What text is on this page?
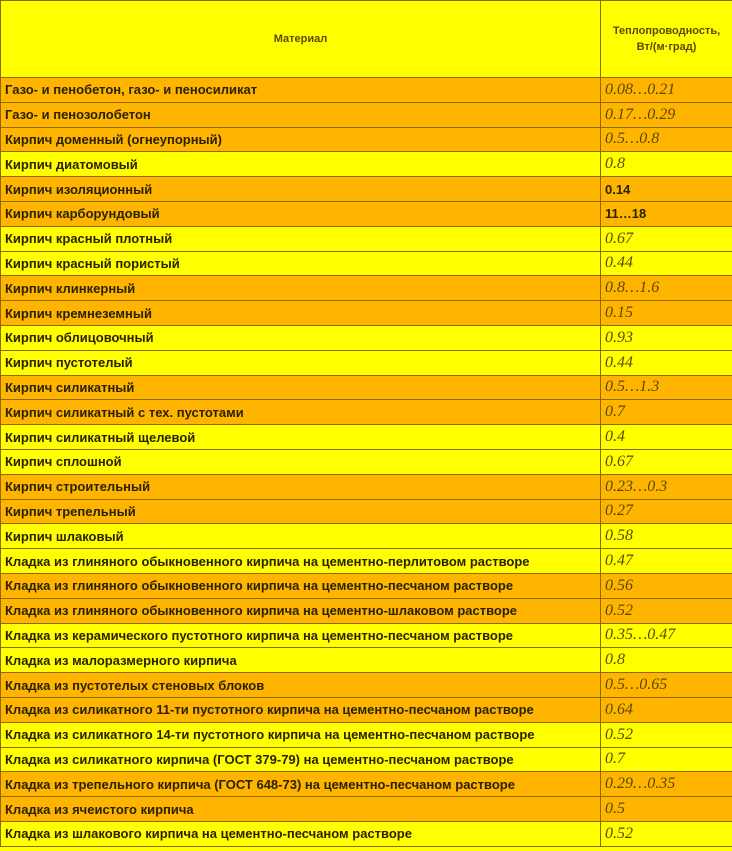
Материал	Теплопроводность, Вт/(м·град)
Газо- и пенобетон, газо- и пеносиликат	0.08…0.21
Газо- и пенозолобетон	0.17…0.29
Кирпич доменный (огнеупорный)	0.5…0.8
Кирпич диатомовый	0.8
Кирпич изоляционный	0.14
Кирпич карборундовый	11…18
Кирпич красный плотный	0.67
Кирпич красный пористый	0.44
Кирпич клинкерный	0.8…1.6
Кирпич кремнеземный	0.15
Кирпич облицовочный	0.93
Кирпич пустотелый	0.44
Кирпич силикатный	0.5…1.3
Кирпич силикатный с тех. пустотами	0.7
Кирпич силикатный щелевой	0.4
Кирпич сплошной	0.67
Кирпич строительный	0.23…0.3
Кирпич трепельный	0.27
Кирпич шлаковый	0.58
Кладка из глиняного обыкновенного кирпича на цементно-перлитовом растворе	0.47
Кладка из глиняного обыкновенного кирпича на цементно-песчаном растворе	0.56
Кладка из глиняного обыкновенного кирпича на цементно-шлаковом растворе	0.52
Кладка из керамического пустотного кирпича на цементно-песчаном растворе	0.35…0.47
Кладка из малоразмерного кирпича	0.8
Кладка из пустотелых стеновых блоков	0.5…0.65
Кладка из силикатного 11-ти пустотного кирпича на цементно-песчаном растворе	0.64
Кладка из силикатного 14-ти пустотного кирпича на цементно-песчаном растворе	0.52
Кладка из силикатного кирпича (ГОСТ 379-79) на цементно-песчаном растворе	0.7
Кладка из трепельного кирпича (ГОСТ 648-73) на цементно-песчаном растворе	0.29…0.35
Кладка из ячеистого кирпича	0.5
Кладка из шлакового кирпича на цементно-песчаном растворе	0.52
